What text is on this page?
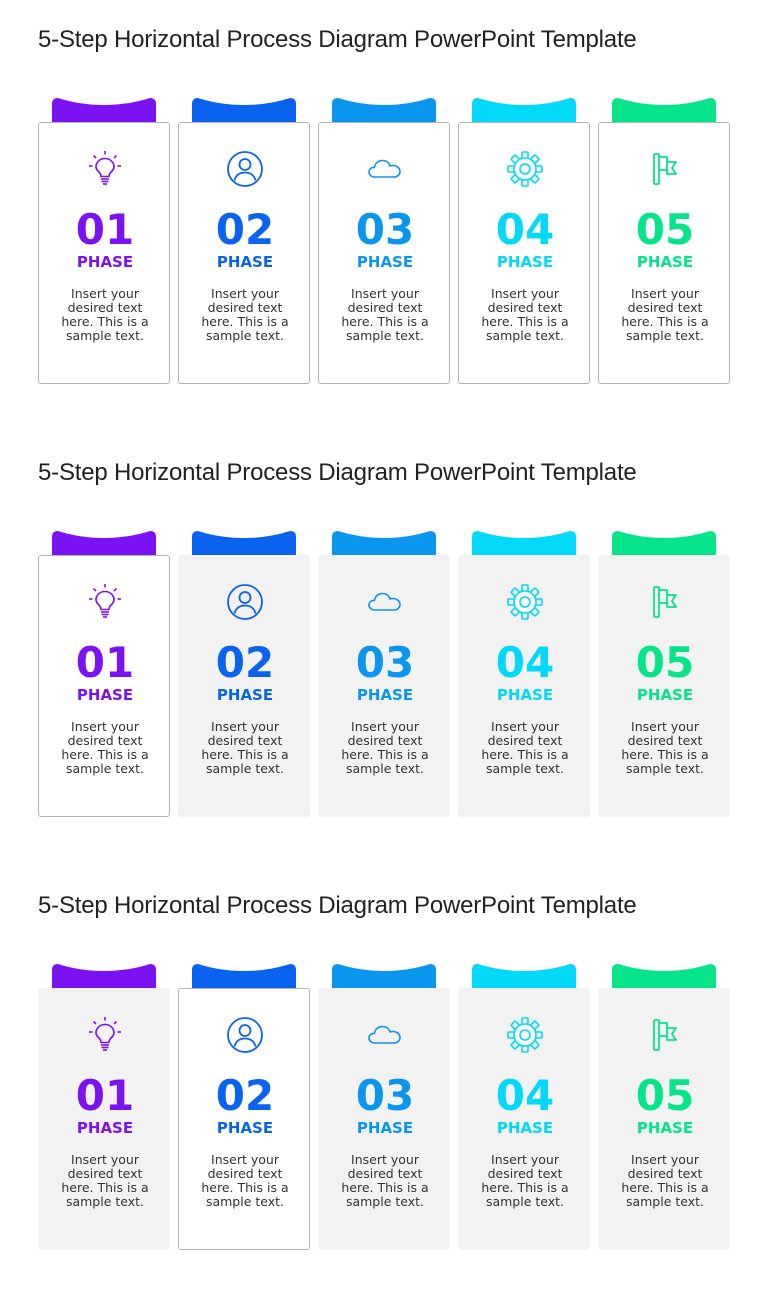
5-Step Horizontal Process Diagram PowerPoint Template
01
PHASE
Insert your desired text here. This is a sample text.
02
PHASE
Insert your desired text here. This is a sample text.
03
PHASE
Insert your desired text here. This is a sample text.
04
PHASE
Insert your desired text here. This is a sample text.
05
PHASE
Insert your desired text here. This is a sample text.
5-Step Horizontal Process Diagram PowerPoint Template
01
PHASE
Insert your desired text here. This is a sample text.
02
PHASE
Insert your desired text here. This is a sample text.
03
PHASE
Insert your desired text here. This is a sample text.
04
PHASE
Insert your desired text here. This is a sample text.
05
PHASE
Insert your desired text here. This is a sample text.
5-Step Horizontal Process Diagram PowerPoint Template
01
PHASE
Insert your desired text here. This is a sample text.
02
PHASE
Insert your desired text here. This is a sample text.
03
PHASE
Insert your desired text here. This is a sample text.
04
PHASE
Insert your desired text here. This is a sample text.
05
PHASE
Insert your desired text here. This is a sample text.
